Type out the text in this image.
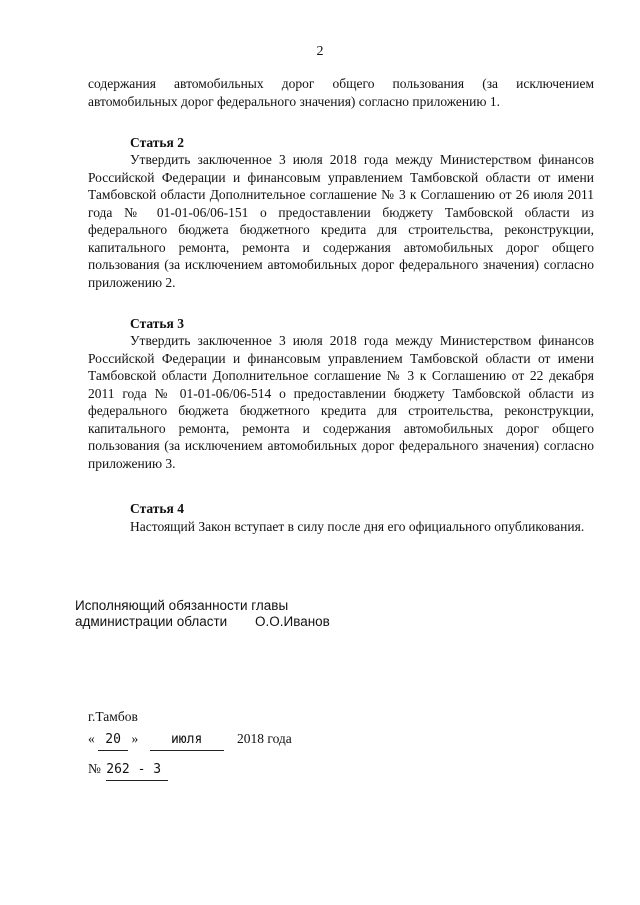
2

содержания автомобильных дорог общего пользования (за исключением автомобильных дорог федерального значения) согласно приложению 1.

Статья 2

Утвердить заключенное 3 июля 2018 года между Министерством финансов Российской Федерации и финансовым управлением Тамбовской области от имени Тамбовской области Дополнительное соглашение № 3 к Соглашению от 26 июля 2011 года № 01-01-06/06-151 о предоставлении бюджету Тамбовской области из федерального бюджета бюджетного кредита для строительства, реконструкции, капитального ремонта, ремонта и содержания автомобильных дорог общего пользования (за исключением автомобильных дорог федерального значения) согласно приложению 2.

Статья 3

Утвердить заключенное 3 июля 2018 года между Министерством финансов Российской Федерации и финансовым управлением Тамбовской области от имени Тамбовской области Дополнительное соглашение № 3 к Соглашению от 22 декабря 2011 года № 01-01-06/06-514 о предоставлении бюджету Тамбовской области из федерального бюджета бюджетного кредита для строительства, реконструкции, капитального ремонта, ремонта и содержания автомобильных дорог общего пользования (за исключением автомобильных дорог федерального значения) согласно приложению 3.

Статья 4

Настоящий Закон вступает в силу после дня его официального опубликования.

Исполняющий обязанности главы
администрации области О.О.Иванов
г.Тамбов
« 20 »	июля	2018 года
№ 262 - З
